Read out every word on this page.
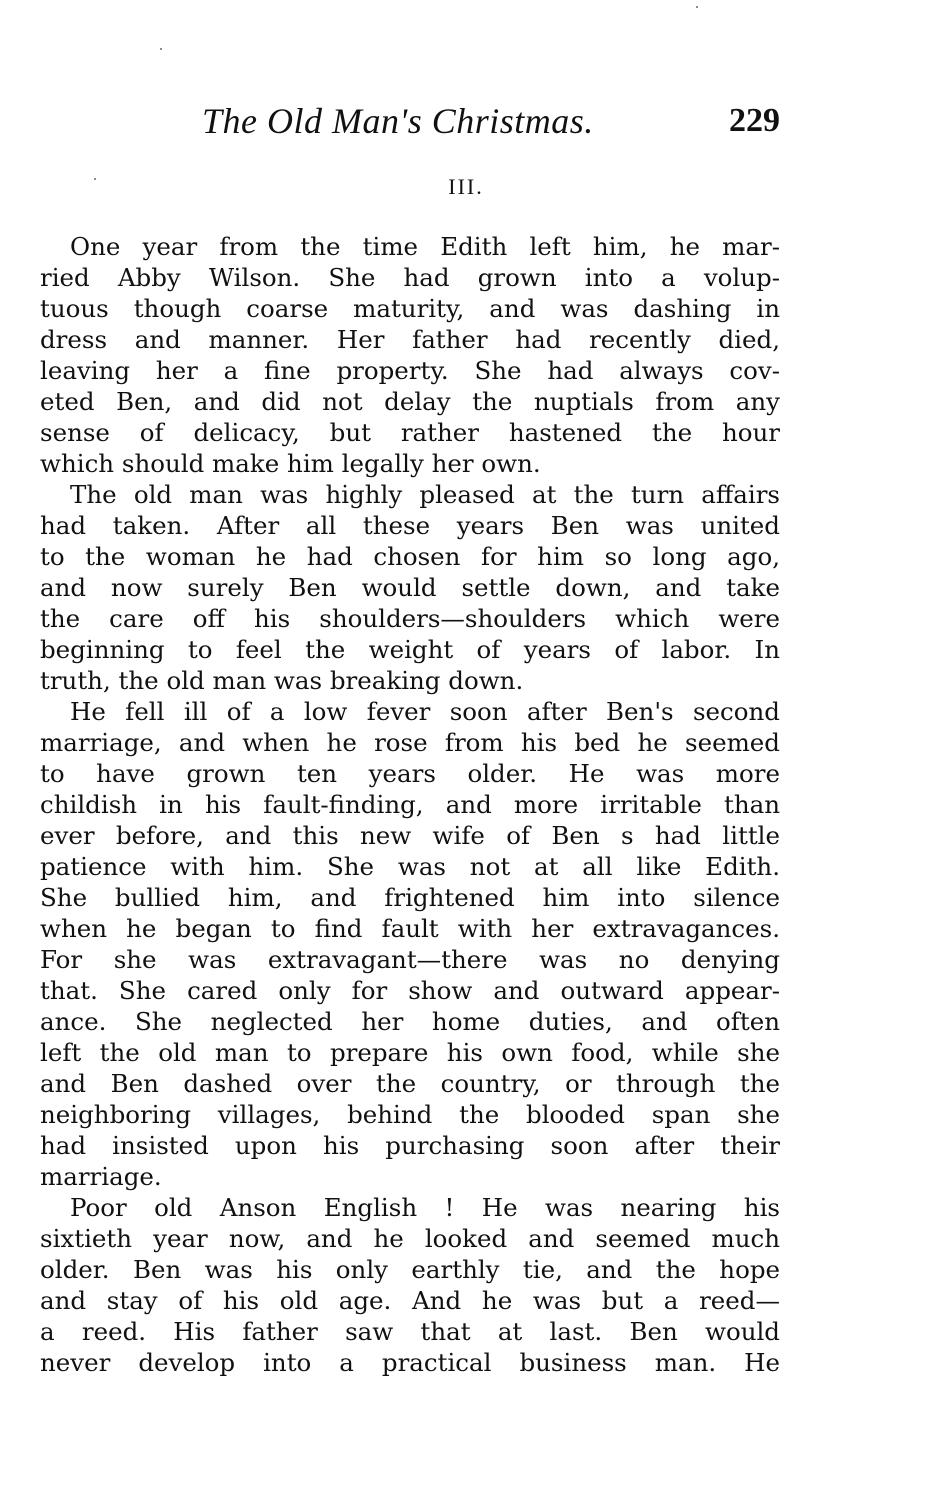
The Old Man's Christmas.	229
III.
One year from the time Edith left him, he mar-
ried Abby Wilson. She had grown into a volup-
tuous though coarse maturity, and was dashing in
dress and manner. Her father had recently died,
leaving her a fine property. She had always cov-
eted Ben, and did not delay the nuptials from any
sense of delicacy, but rather hastened the hour
which should make him legally her own.
The old man was highly pleased at the turn affairs
had taken. After all these years Ben was united
to the woman he had chosen for him so long ago,
and now surely Ben would settle down, and take
the care off his shoulders—shoulders which were
beginning to feel the weight of years of labor. In
truth, the old man was breaking down.
He fell ill of a low fever soon after Ben's second
marriage, and when he rose from his bed he seemed
to have grown ten years older. He was more
childish in his fault-finding, and more irritable than
ever before, and this new wife of Ben s had little
patience with him. She was not at all like Edith.
She bullied him, and frightened him into silence
when he began to find fault with her extravagances.
For she was extravagant—there was no denying
that. She cared only for show and outward appear-
ance. She neglected her home duties, and often
left the old man to prepare his own food, while she
and Ben dashed over the country, or through the
neighboring villages, behind the blooded span she
had insisted upon his purchasing soon after their
marriage.
Poor old Anson English ! He was nearing his
sixtieth year now, and he looked and seemed much
older. Ben was his only earthly tie, and the hope
and stay of his old age. And he was but a reed—
a reed. His father saw that at last. Ben would
never develop into a practical business man. He
